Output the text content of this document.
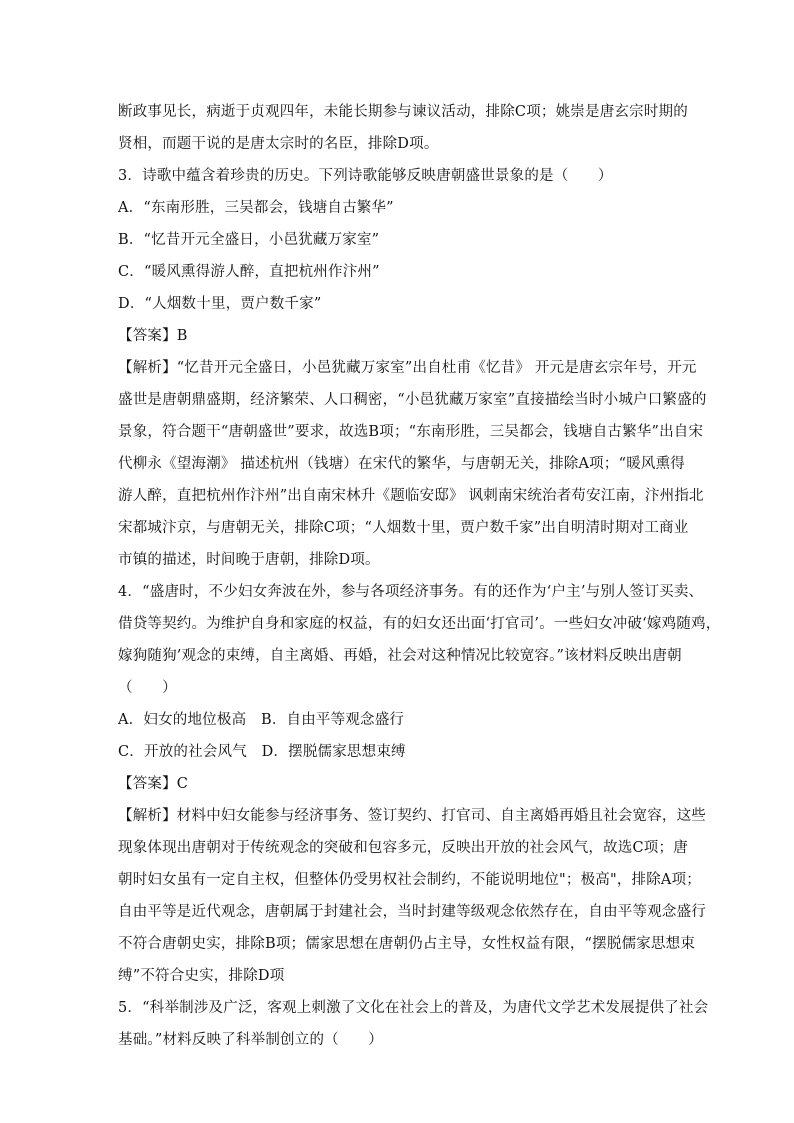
断政事见长，病逝于贞观四年，未能长期参与谏议活动，排除C项；姚崇是唐玄宗时期的
贤相，而题干说的是唐太宗时的名臣，排除D项。
3．诗歌中蕴含着珍贵的历史。下列诗歌能够反映唐朝盛世景象的是（　　）
A．“东南形胜，三吴都会，钱塘自古繁华”
B．“忆昔开元全盛日，小邑犹藏万家室”
C．“暖风熏得游人醉，直把杭州作汴州”
D．“人烟数十里，贾户数千家”
【答案】B
【解析】“忆昔开元全盛日，小邑犹藏万家室”出自杜甫《忆昔》 开元是唐玄宗年号，开元
盛世是唐朝鼎盛期，经济繁荣、人口稠密，“小邑犹藏万家室”直接描绘当时小城户口繁盛的
景象，符合题干“唐朝盛世”要求，故选B项；“东南形胜，三吴都会，钱塘自古繁华”出自宋
代柳永《望海潮》 描述杭州（钱塘）在宋代的繁华，与唐朝无关，排除A项；“暖风熏得
游人醉，直把杭州作汴州”出自南宋林升《题临安邸》 讽刺南宋统治者苟安江南，汴州指北
宋都城汴京，与唐朝无关，排除C项；“人烟数十里，贾户数千家”出自明清时期对工商业
市镇的描述，时间晚于唐朝，排除D项。
4．“盛唐时，不少妇女奔波在外，参与各项经济事务。有的还作为‘户主’与别人签订买卖、
借贷等契约。为维护自身和家庭的权益，有的妇女还出面‘打官司’。一些妇女冲破‘嫁鸡随鸡，
嫁狗随狗’观念的束缚，自主离婚、再婚，社会对这种情况比较宽容。”该材料反映出唐朝
（　　）
A．妇女的地位极高　B．自由平等观念盛行
C．开放的社会风气　D．摆脱儒家思想束缚
【答案】C
【解析】材料中妇女能参与经济事务、签订契约、打官司、自主离婚再婚且社会宽容，这些
现象体现出唐朝对于传统观念的突破和包容多元，反映出开放的社会风气，故选C项；唐
朝时妇女虽有一定自主权，但整体仍受男权社会制约，不能说明地位"；极高"，排除A项；
自由平等是近代观念，唐朝属于封建社会，当时封建等级观念依然存在，自由平等观念盛行
不符合唐朝史实，排除B项；儒家思想在唐朝仍占主导，女性权益有限，“摆脱儒家思想束
缚”不符合史实，排除D项
5．“科举制涉及广泛，客观上刺激了文化在社会上的普及，为唐代文学艺术发展提供了社会
基础。”材料反映了科举制创立的（　　）
